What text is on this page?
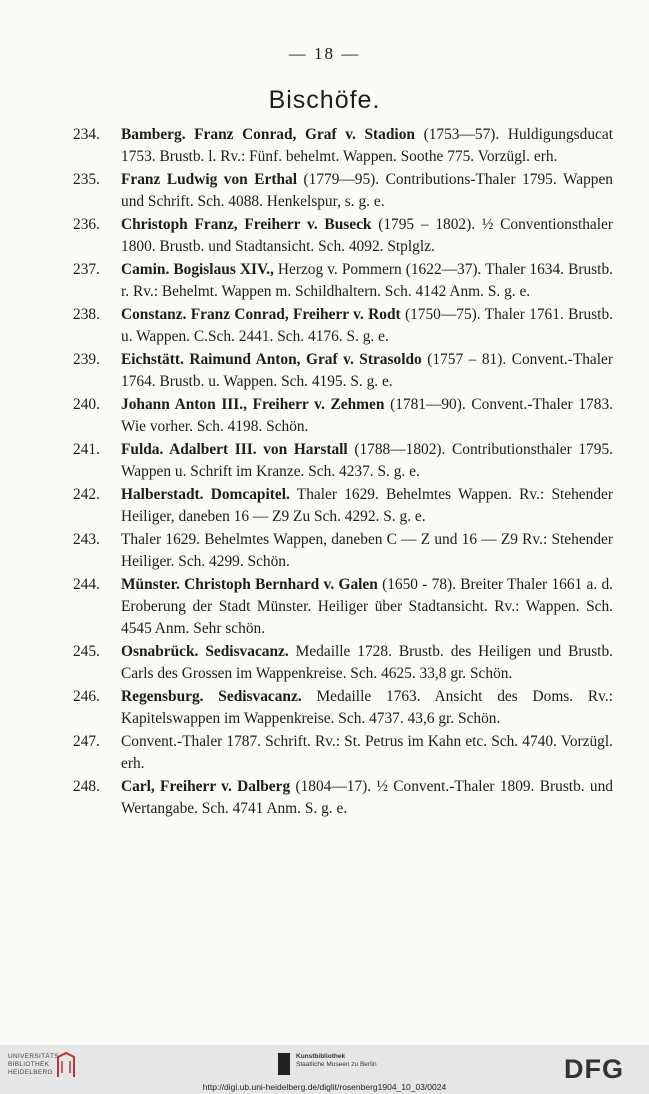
— 18 —
Bischöfe.
234. Bamberg. Franz Conrad, Graf v. Stadion (1753—57). Huldigungsducat 1753. Brustb. l. Rv.: Fünf. behelmt. Wappen. Soothe 775. Vorzügl. erh.
235. Franz Ludwig von Erthal (1779—95). Contributions-Thaler 1795. Wappen und Schrift. Sch. 4088. Henkelspur, s. g. e.
236. Christoph Franz, Freiherr v. Buseck (1795 – 1802). ½ Conventionsthaler 1800. Brustb. und Stadtansicht. Sch. 4092. Stplglz.
237. Camin. Bogislaus XIV., Herzog v. Pommern (1622—37). Thaler 1634. Brustb. r. Rv.: Behelmt. Wappen m. Schildhaltern. Sch. 4142 Anm. S. g. e.
238. Constanz. Franz Conrad, Freiherr v. Rodt (1750—75). Thaler 1761. Brustb. u. Wappen. C.Sch. 2441. Sch. 4176. S. g. e.
239. Eichstätt. Raimund Anton, Graf v. Strasoldo (1757 – 81). Convent.-Thaler 1764. Brustb. u. Wappen. Sch. 4195. S. g. e.
240. Johann Anton III., Freiherr v. Zehmen (1781—90). Convent.-Thaler 1783. Wie vorher. Sch. 4198. Schön.
241. Fulda. Adalbert III. von Harstall (1788—1802). Contributionsthaler 1795. Wappen u. Schrift im Kranze. Sch. 4237. S. g. e.
242. Halberstadt. Domcapitel. Thaler 1629. Behelmtes Wappen. Rv.: Stehender Heiliger, daneben 16 — Z9 Zu Sch. 4292. S. g. e.
243. Thaler 1629. Behelmtes Wappen, daneben C — Z und 16 — Z9 Rv.: Stehender Heiliger. Sch. 4299. Schön.
244. Münster. Christoph Bernhard v. Galen (1650 - 78). Breiter Thaler 1661 a. d. Eroberung der Stadt Münster. Heiliger über Stadtansicht. Rv.: Wappen. Sch. 4545 Anm. Sehr schön.
245. Osnabrück. Sedisvacanz. Medaille 1728. Brustb. des Heiligen und Brustb. Carls des Grossen im Wappenkreise. Sch. 4625. 33,8 gr. Schön.
246. Regensburg. Sedisvacanz. Medaille 1763. Ansicht des Doms. Rv.: Kapitelswappen im Wappenkreise. Sch. 4737. 43,6 gr. Schön.
247. Convent.-Thaler 1787. Schrift. Rv.: St. Petrus im Kahn etc. Sch. 4740. Vorzügl. erh.
248. Carl, Freiherr v. Dalberg (1804—17). ½ Convent.-Thaler 1809. Brustb. und Wertangabe. Sch. 4741 Anm. S. g. e.
UNIVERSITÄTS
BIBLIOTHEK
HEIDELBERG
Kunstbibliothek
Staatliche Museen zu Berlin	DFG
http://digi.ub.uni-heidelberg.de/diglit/rosenberg1904_10_03/0024
